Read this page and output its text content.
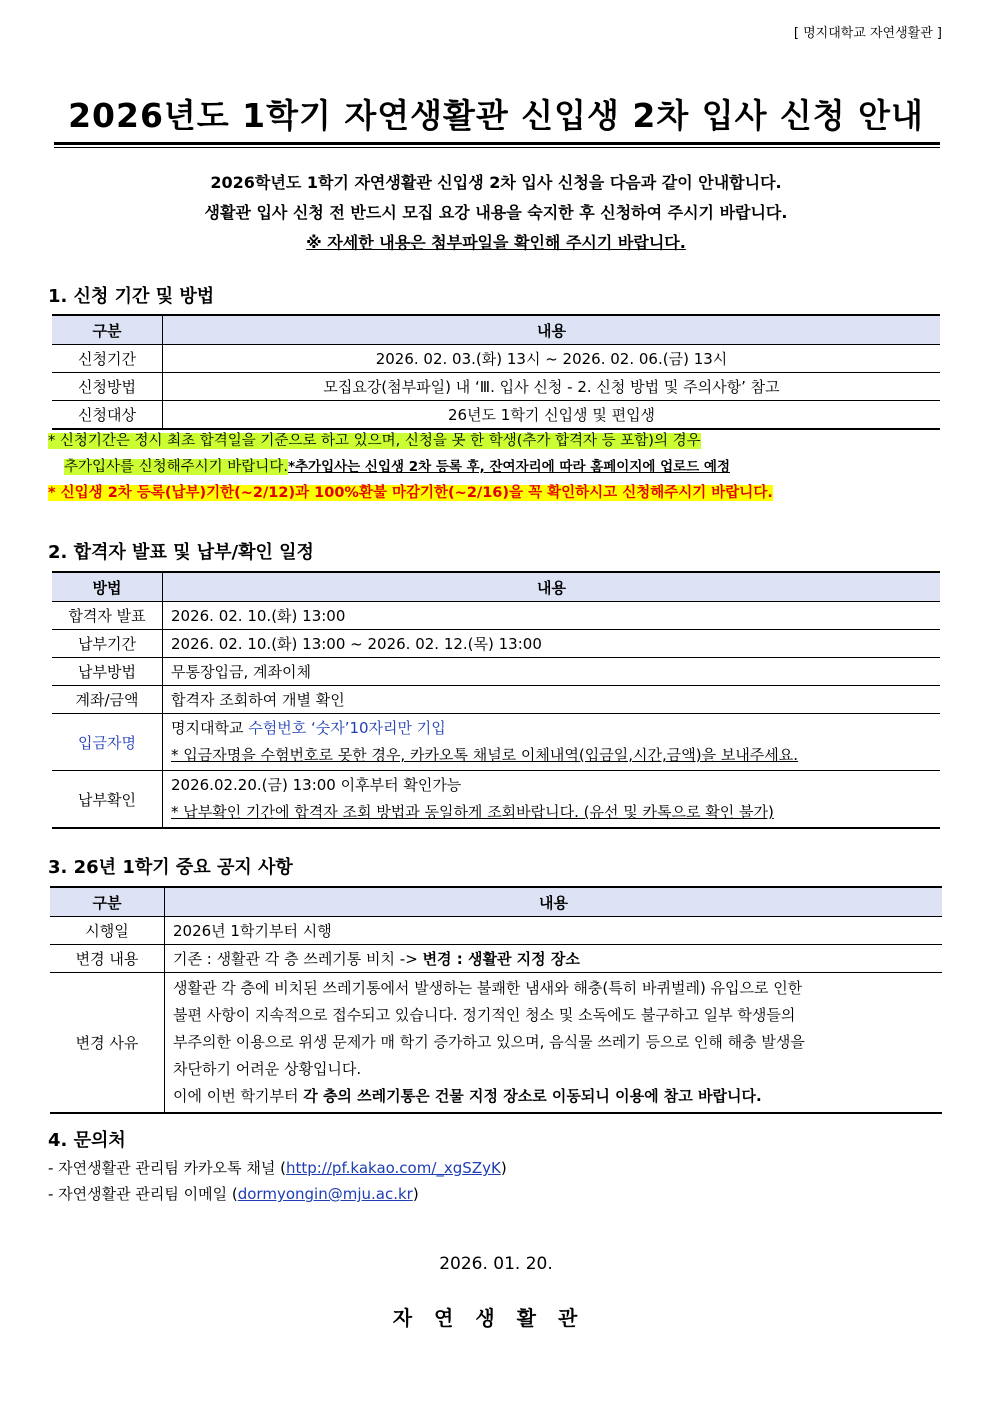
[ 명지대학교 자연생활관 ]
2026년도 1학기 자연생활관 신입생 2차 입사 신청 안내
2026학년도 1학기 자연생활관 신입생 2차 입사 신청을 다음과 같이 안내합니다.
생활관 입사 신청 전 반드시 모집 요강 내용을 숙지한 후 신청하여 주시기 바랍니다.
※ 자세한 내용은 첨부파일을 확인해 주시기 바랍니다.
1. 신청 기간 및 방법
구분	내용
신청기간	2026. 02. 03.(화) 13시 ~ 2026. 02. 06.(금) 13시
신청방법	모집요강(첨부파일) 내 ‘Ⅲ. 입사 신청 - 2. 신청 방법 및 주의사항’ 참고
신청대상	26년도 1학기 신입생 및 편입생
* 신청기간은 정시 최초 합격일을 기준으로 하고 있으며, 신청을 못 한 학생(추가 합격자 등 포함)의 경우
추가입사를 신청해주시기 바랍니다.*추가입사는 신입생 2차 등록 후, 잔여자리에 따라 홈페이지에 업로드 예정
* 신입생 2차 등록(납부)기한(~2/12)과 100%환불 마감기한(~2/16)을 꼭 확인하시고 신청해주시기 바랍니다.
2. 합격자 발표 및 납부/확인 일정
방법	내용
합격자 발표	2026. 02. 10.(화) 13:00
납부기간	2026. 02. 10.(화) 13:00 ~ 2026. 02. 12.(목) 13:00
납부방법	무통장입금, 계좌이체
계좌/금액	합격자 조회하여 개별 확인
입금자명	명지대학교 수험번호 ‘숫자’10자리만 기입
* 입금자명을 수험번호로 못한 경우, 카카오톡 채널로 이체내역(입금일,시간,금액)을 보내주세요.

납부확인	2026.02.20.(금) 13:00 이후부터 확인가능
* 납부확인 기간에 합격자 조회 방법과 동일하게 조회바랍니다. (유선 및 카톡으로 확인 불가)
3. 26년 1학기 중요 공지 사항
구분	내용
시행일	2026년 1학기부터 시행
변경 내용	기존 : 생활관 각 층 쓰레기통 비치 -> 변경 : 생활관 지정 장소
변경 사유	생활관 각 층에 비치된 쓰레기통에서 발생하는 불쾌한 냄새와 해충(특히 바퀴벌레) 유입으로 인한
불편 사항이 지속적으로 접수되고 있습니다. 정기적인 청소 및 소독에도 불구하고 일부 학생들의
부주의한 이용으로 위생 문제가 매 학기 증가하고 있으며, 음식물 쓰레기 등으로 인해 해충 발생을
차단하기 어려운 상황입니다.
이에 이번 학기부터 각 층의 쓰레기통은 건물 지정 장소로 이동되니 이용에 참고 바랍니다.
4. 문의처
- 자연생활관 관리팀 카카오톡 채널 (http://pf.kakao.com/_xgSZyK)
- 자연생활관 관리팀 이메일 (dormyongin@mju.ac.kr)
2026. 01. 20.
자연생활관
